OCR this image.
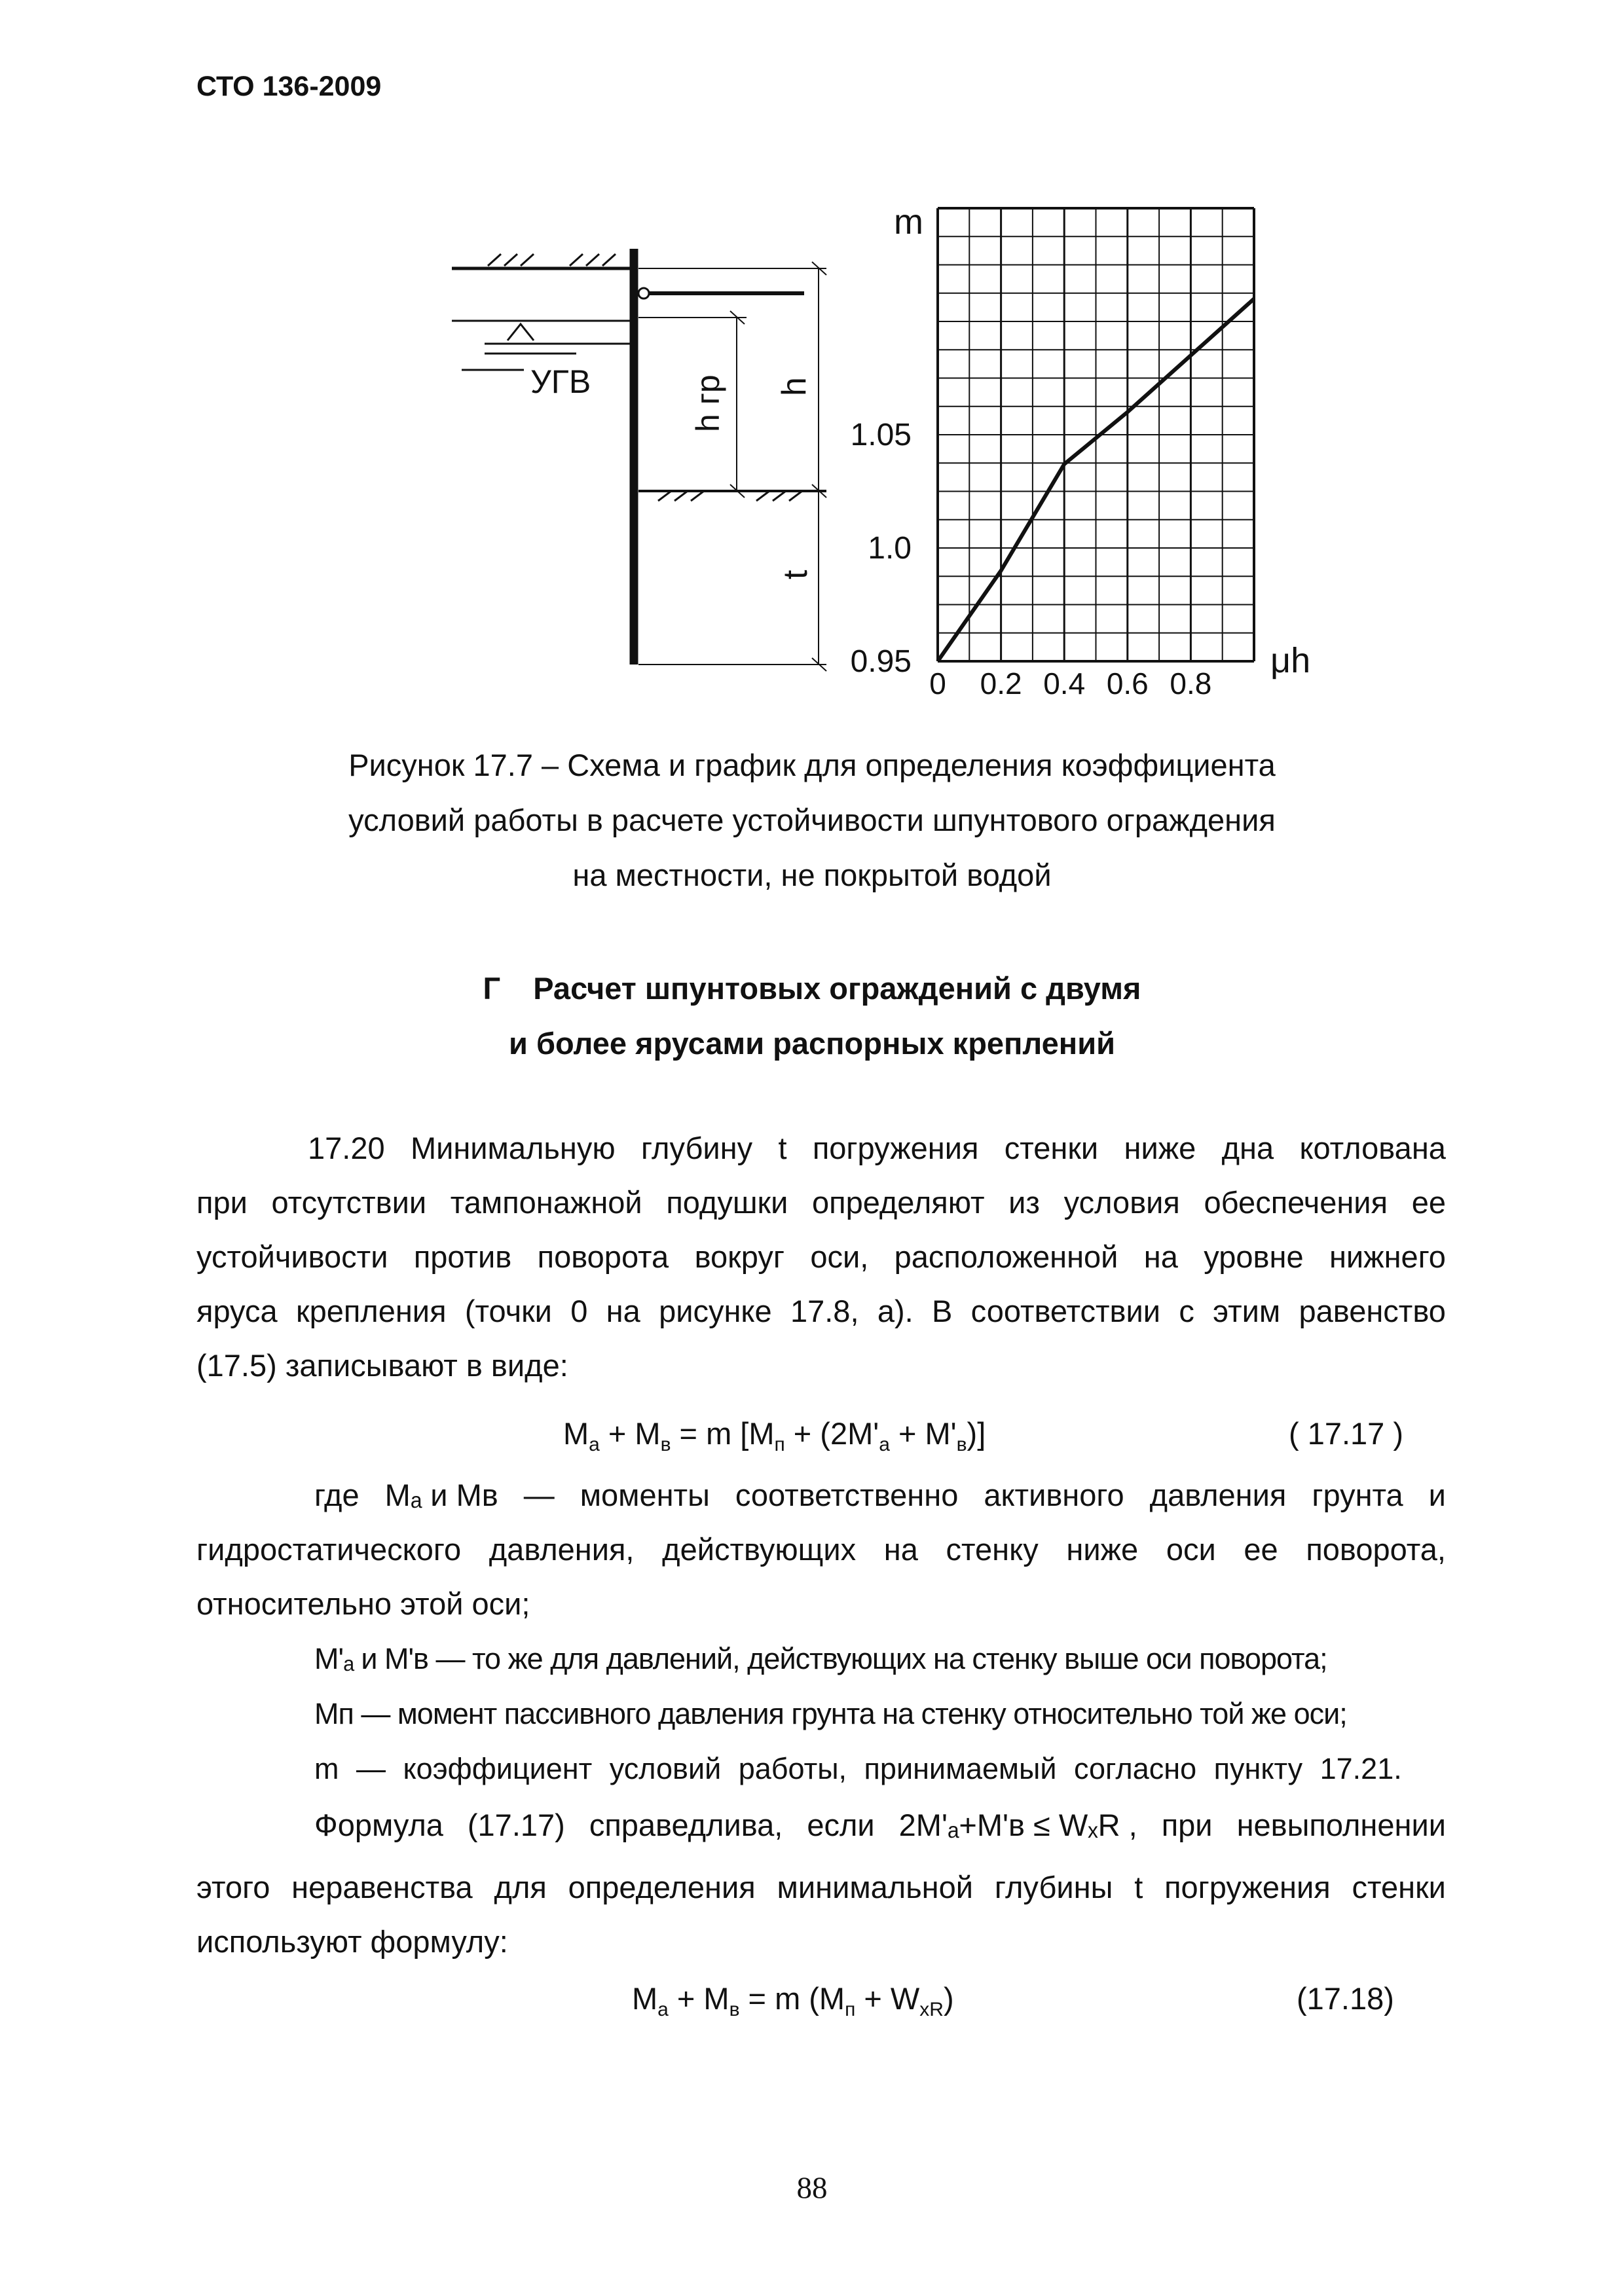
СТО 136-2009
УГВ	h гр h
t
0 0.2 0.4 0.6 0.8
1.05
1.0
0.95
m
μh
Рисунок 17.7 – Схема и график для определения коэффициента
условий работы в расчете устойчивости шпунтового ограждения
на местности, не покрытой водой
Г Расчет шпунтовых ограждений с двумя
и более ярусами распорных креплений
17.20 Минимальную глубину t погружения стенки ниже дна котлована
при отсутствии тампонажной подушки определяют из условия обеспечения ее
устойчивости против поворота вокруг оси, расположенной на уровне нижнего
яруса крепления (точки 0 на рисунке 17.8, а). В соответствии с этим равенство
(17.5) записывают в виде:
$M_а + M_в = m$ $[M_п + (2M'_а + M'_в)]$	( 17.17 )
где Mₐ и Mв — моменты соответственно активного давления грунта и
гидростатического давления, действующих на стенку ниже оси ее поворота,
относительно этой оси;
M'ₐ и M'в — то же для давлений, действующих на стенку выше оси поворота;
Mп — момент пассивного давления грунта на стенку относительно той же оси;
m — коэффициент условий работы, принимаемый согласно пункту 17.21.
Формула (17.17) справедлива, если 2M'ₐ+M'в ≤ WₓR , при невыполнении
этого неравенства для определения минимальной глубины t погружения стенки
используют формулу:
$M_а + M_в = m$ $(M_п + W_{xR})$	(17.18)
88
